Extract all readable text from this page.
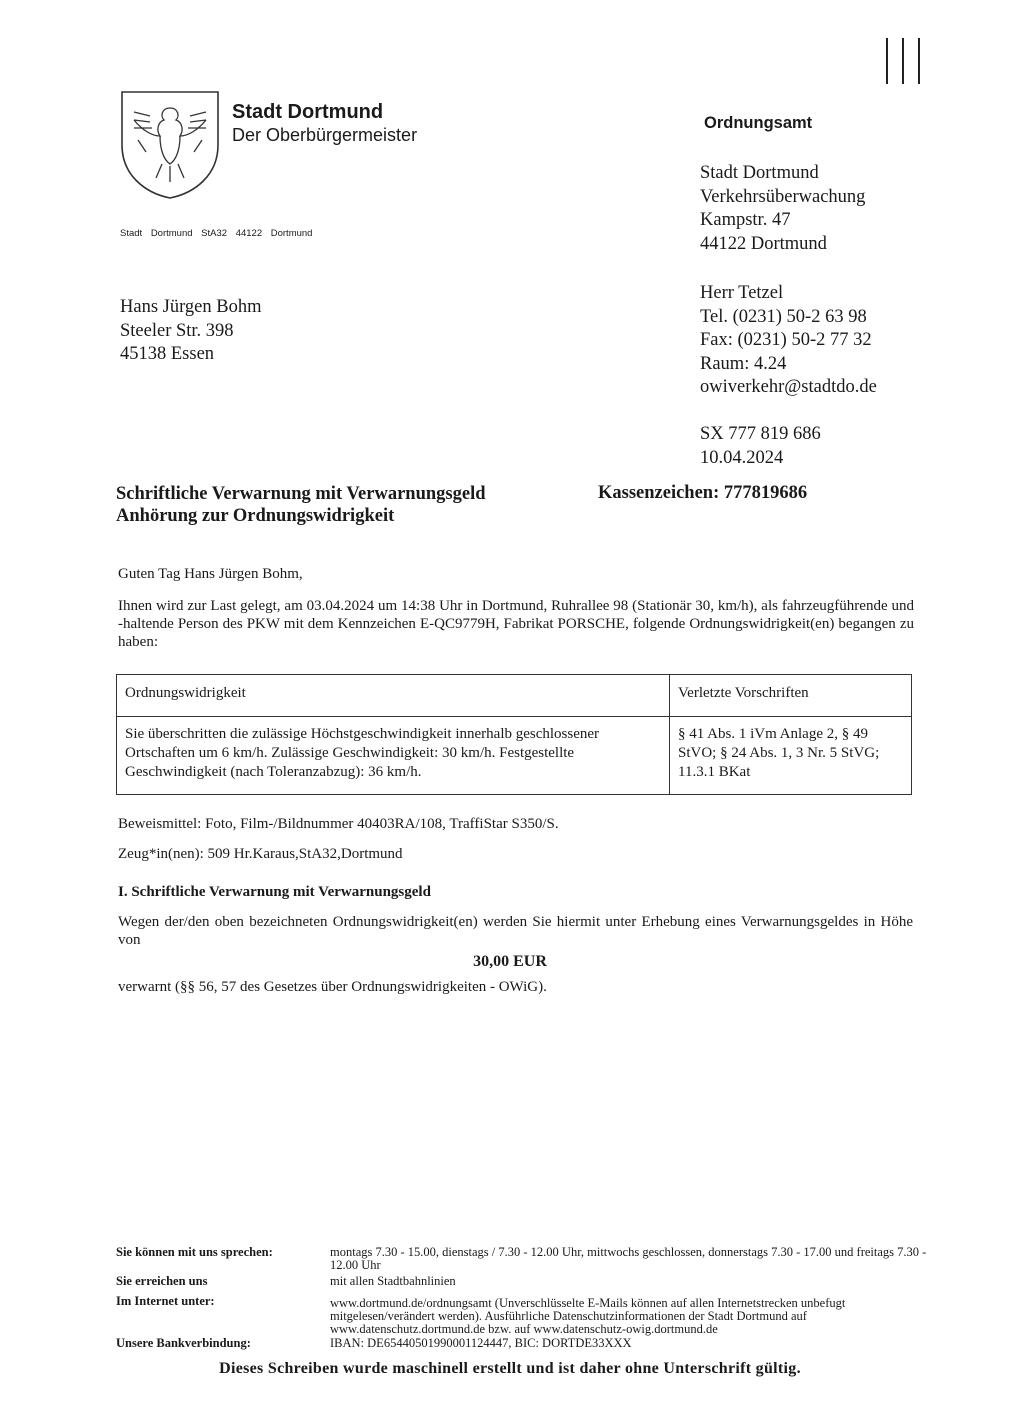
Stadt Dortmund
Der Oberbürgermeister
Stadt Dortmund StA32 44122 Dortmund
Ordnungsamt
Stadt Dortmund
Verkehrsüberwachung
Kampstr. 47
44122 Dortmund
Herr Tetzel
Tel. (0231) 50-2 63 98
Fax: (0231) 50-2 77 32
Raum: 4.24
owiverkehr@stadtdo.de
SX 777 819 686
10.04.2024
Hans Jürgen Bohm
Steeler Str. 398
45138 Essen
Schriftliche Verwarnung mit Verwarnungsgeld
Anhörung zur Ordnungswidrigkeit
Kassenzeichen: 777819686
Guten Tag Hans Jürgen Bohm,
Ihnen wird zur Last gelegt, am 03.04.2024 um 14:38 Uhr in Dortmund, Ruhrallee 98 (Stationär 30, km/h), als fahrzeugführende und -haltende Person des PKW mit dem Kennzeichen E-QC9779H, Fabrikat PORSCHE, folgende Ordnungswidrigkeit(en) begangen zu haben:
Ordnungswidrigkeit	Verletzte Vorschriften
Sie überschritten die zulässige Höchstgeschwindigkeit innerhalb geschlossener Ortschaften um 6 km/h. Zulässige Geschwindigkeit: 30 km/h. Festgestellte Geschwindigkeit (nach Toleranzabzug): 36 km/h.	§ 41 Abs. 1 iVm Anlage 2, § 49 StVO; § 24 Abs. 1, 3 Nr. 5 StVG; 11.3.1 BKat
Beweismittel: Foto, Film-/Bildnummer 40403RA/108, TraffiStar S350/S.
Zeug*in(nen): 509 Hr.Karaus,StA32,Dortmund
I. Schriftliche Verwarnung mit Verwarnungsgeld
Wegen der/den oben bezeichneten Ordnungswidrigkeit(en) werden Sie hiermit unter Erhebung eines Verwarnungsgeldes in Höhe von
30,00 EUR
verwarnt (§§ 56, 57 des Gesetzes über Ordnungswidrigkeiten - OWiG).
Sie können mit uns sprechen:	montags 7.30 - 15.00, dienstags / 7.30 - 12.00 Uhr, mittwochs geschlossen, donnerstags 7.30 - 17.00 und freitags 7.30 - 12.00 Uhr
Sie erreichen uns	mit allen Stadtbahnlinien
Im Internet unter:	www.dortmund.de/ordnungsamt (Unverschlüsselte E-Mails können auf allen Internetstrecken unbefugt mitgelesen/verändert werden). Ausführliche Datenschutzinformationen der Stadt Dortmund auf www.datenschutz.dortmund.de bzw. auf www.datenschutz-owig.dortmund.de
Unsere Bankverbindung:	IBAN: DE65440501990001124447, BIC: DORTDE33XXX
Dieses Schreiben wurde maschinell erstellt und ist daher ohne Unterschrift gültig.
